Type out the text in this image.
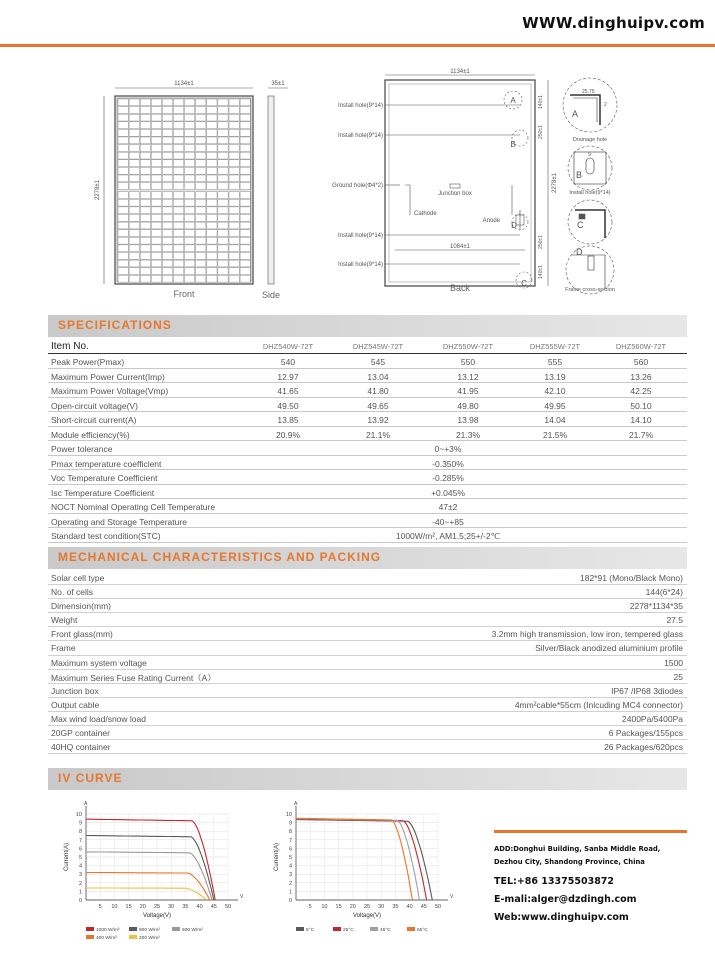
WWW.dinghuipv.com
1134±1
2278±1
35±1
Front	Side
1134±1
2278±1
1084±1
140±1
250±1
250±1
140±1
Install hole(9*14)
Install hole(9*14)
Ground hole(Φ4*2)
Install hole(9*14)
Install hole(9*14)
Junction box
Cathode
Anode
Back
A
B
D
C
A
25.75
2
Drainage hole
B
9
Install hole(9*14)
C
D
Frame cross-section
SPECIFICATIONS
Item No.	DHZ540W-72T	DHZ545W-72T	DHZ550W-72T	DHZ555W-72T	DHZ560W-72T
Peak Power(Pmax)	540	545	550	555	560
Maximum Power Current(Imp)	12.97	13.04	13.12	13.19	13.26
Maximum Power Voltage(Vmp)	41.65	41.80	41.95	42.10	42.25
Open-circuit voltage(V)	49.50	49.65	49.80	49.95	50.10
Short-circuit current(A)	13.85	13.92	13.98	14.04	14.10
Module efficiency(%)	20.9%	21.1%	21.3%	21.5%	21.7%
Power tolerance	0~+3%
Pmax temperature coefficient	-0.350%
Voc Temperature Coefficient	-0.285%
Isc Temperature Coefficient	+0.045%
NOCT Nominal Operating Cell Temperature	47±2
Operating and Storage Temperature	-40~+85
Standard test condition(STC)	1000W/m², AM1.5;25+/-2℃
MECHANICAL CHARACTERISTICS AND PACKING
Solar cell type	182*91 (Mono/Black Mono)
No. of cells	144(6*24)
Dimension(mm)	2278*1134*35
Weight	27.5
Front glass(mm)	3.2mm high transmission, low iron, tempered glass
Frame	Silver/Black anodized aluminium profile
Maximum system voltage	1500
Maximum Series Fuse Rating Current（A）	25
Junction box	IP67 /IP68 3diodes
Output cable	4mm²cable*55cm (Inlcuding MC4 connector)
Max wind load/snow load	2400Pa/5400Pa
20GP container	6 Packages/155pcs
40HQ container	26 Packages/620pcs
IV CURVE
0
1
2
3
4
5
6
7
8
9
10
5 10 15 20 25 30 35 40 45 50
A
V
Voltage(V)
Current(A)
1000 W/m²	800 W/m²	600 W/m²
400 W/m²	200 W/m²
0
1
2
3
4
5
6
7
8
9
10
5 10 15 20 25 30 35 40 45 50
A
V
Voltage(V)
Current(A)
5°C	25°C	45°C	65°C
ADD:Donghui Building, Sanba Middle Road,
Dezhou City, Shandong Province, China
TEL:+86 13375503872
E-mali:alger@dzdingh.com
Web:www.dinghuipv.com
